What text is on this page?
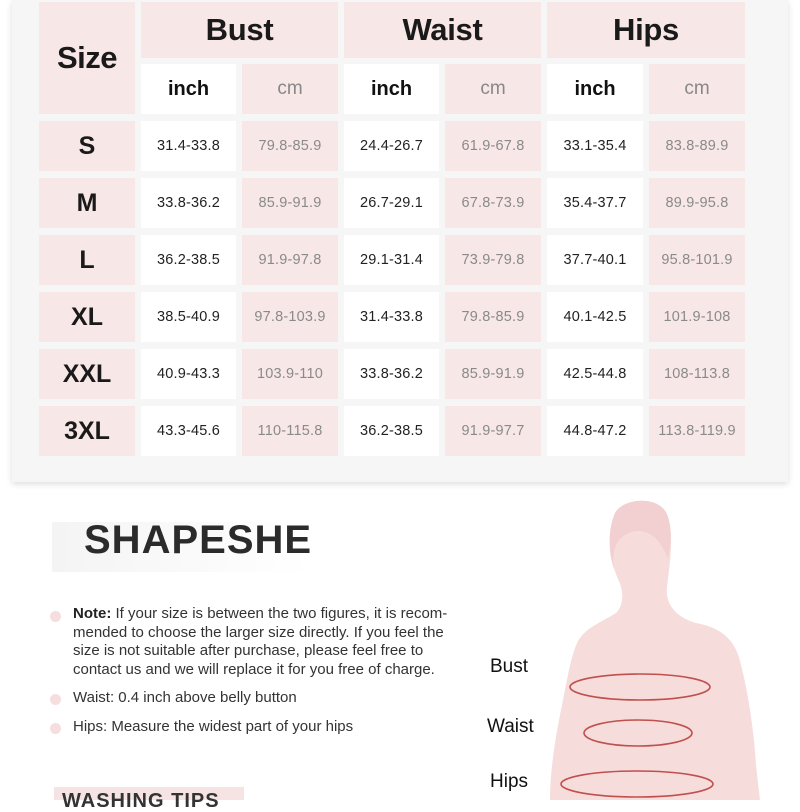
Size
Bust	Waist	Hips
inch	cm	inch	cm	inch	cm
S	31.4-33.8	79.8-85.9	24.4-26.7	61.9-67.8	33.1-35.4	83.8-89.9
M	33.8-36.2	85.9-91.9	26.7-29.1	67.8-73.9	35.4-37.7	89.9-95.8
L	36.2-38.5	91.9-97.8	29.1-31.4	73.9-79.8	37.7-40.1	95.8-101.9
XL	38.5-40.9	97.8-103.9	31.4-33.8	79.8-85.9	40.1-42.5	101.9-108
XXL	40.9-43.3	103.9-110	33.8-36.2	85.9-91.9	42.5-44.8	108-113.8
3XL	43.3-45.6	110-115.8	36.2-38.5	91.9-97.7	44.8-47.2	113.8-119.9
SHAPESHE
Note: If your size is between the two figures, it is recom-mended to choose the larger size directly. If you feel the size is not suitable after purchase, please feel free to contact us and we will replace it for you free of charge.
Waist: 0.4 inch above belly button
Hips: Measure the widest part of your hips
WASHING TIPS
Bust
Waist
Hips
